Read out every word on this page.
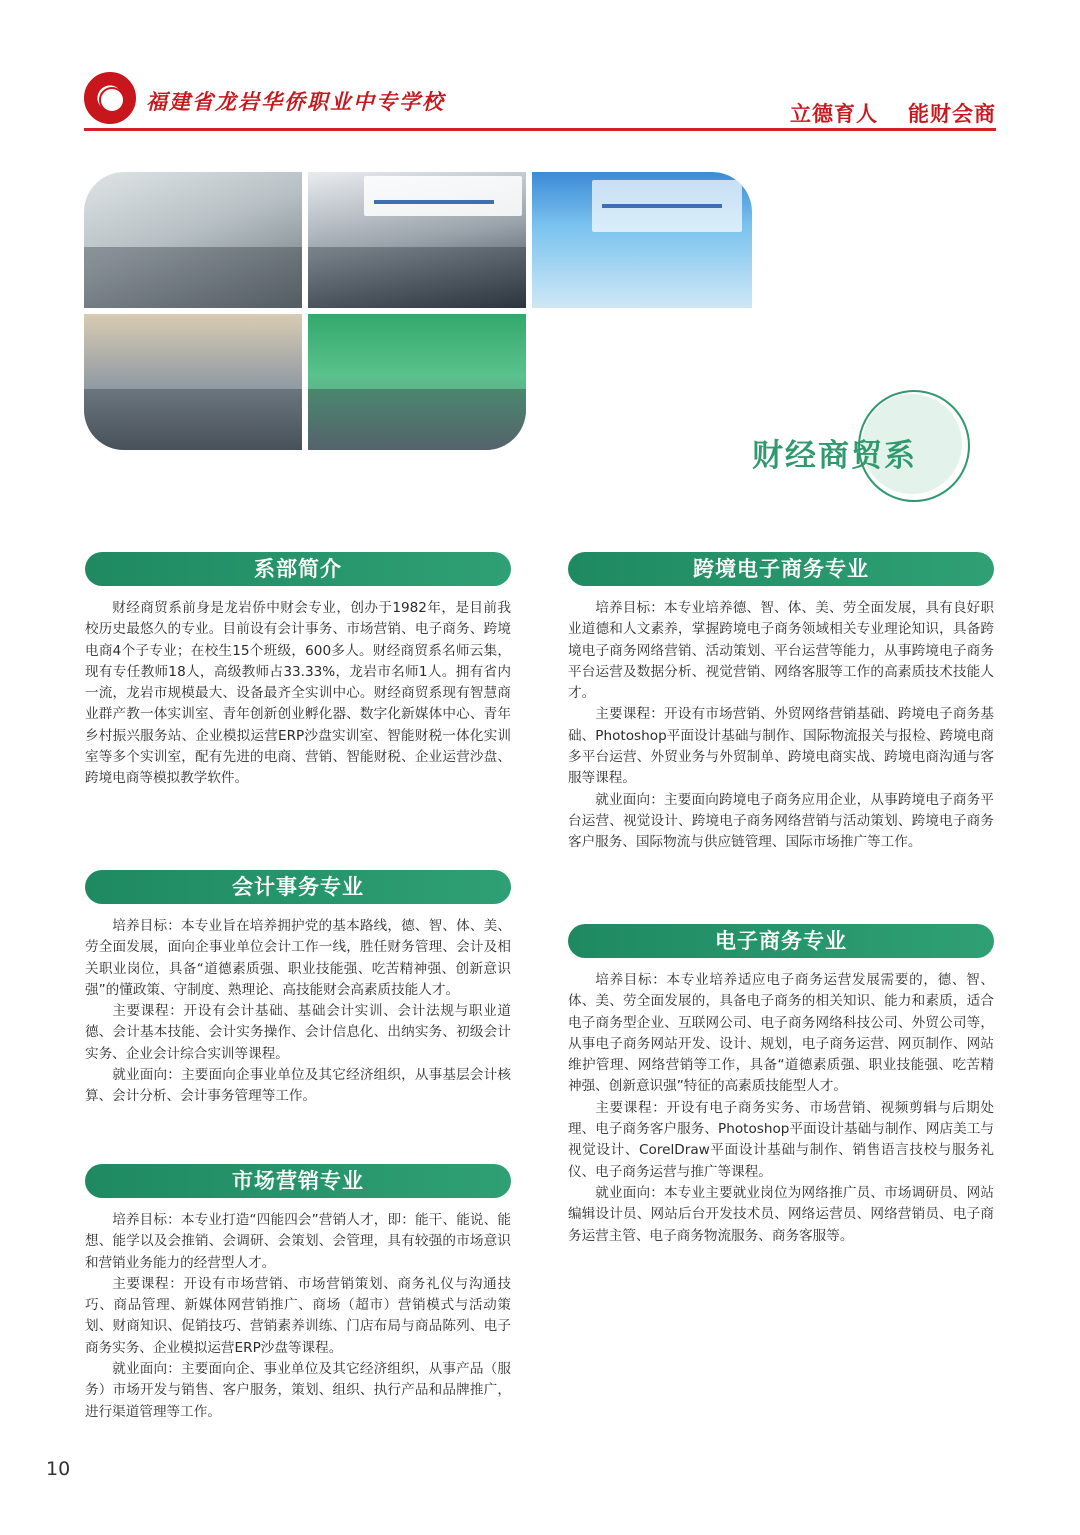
福建省龙岩华侨职业中专学校	立德育人 能财会商
财经商贸系
系部简介

财经商贸系前身是龙岩侨中财会专业，创办于1982年，是目前我校历史最悠久的专业。目前设有会计事务、市场营销、电子商务、跨境电商4个子专业；在校生15个班级，600多人。财经商贸系名师云集，现有专任教师18人，高级教师占33.33%，龙岩市名师1人。拥有省内一流，龙岩市规模最大、设备最齐全实训中心。财经商贸系现有智慧商业群产教一体实训室、青年创新创业孵化器、数字化新媒体中心、青年乡村振兴服务站、企业模拟运营ERP沙盘实训室、智能财税一体化实训室等多个实训室，配有先进的电商、营销、智能财税、企业运营沙盘、跨境电商等模拟教学软件。

会计事务专业

培养目标：本专业旨在培养拥护党的基本路线，德、智、体、美、劳全面发展，面向企事业单位会计工作一线，胜任财务管理、会计及相关职业岗位，具备“道德素质强、职业技能强、吃苦精神强、创新意识强”的懂政策、守制度、熟理论、高技能财会高素质技能人才。

主要课程：开设有会计基础、基础会计实训、会计法规与职业道德、会计基本技能、会计实务操作、会计信息化、出纳实务、初级会计实务、企业会计综合实训等课程。

就业面向：主要面向企事业单位及其它经济组织，从事基层会计核算、会计分析、会计事务管理等工作。

市场营销专业

培养目标：本专业打造“四能四会”营销人才，即：能干、能说、能想、能学以及会推销、会调研、会策划、会管理，具有较强的市场意识和营销业务能力的经营型人才。

主要课程：开设有市场营销、市场营销策划、商务礼仪与沟通技巧、商品管理、新媒体网营销推广、商场（超市）营销模式与活动策划、财商知识、促销技巧、营销素养训练、门店布局与商品陈列、电子商务实务、企业模拟运营ERP沙盘等课程。

就业面向：主要面向企、事业单位及其它经济组织，从事产品（服务）市场开发与销售、客户服务，策划、组织、执行产品和品牌推广，进行渠道管理等工作。

跨境电子商务专业

培养目标：本专业培养德、智、体、美、劳全面发展，具有良好职业道德和人文素养，掌握跨境电子商务领域相关专业理论知识，具备跨境电子商务网络营销、活动策划、平台运营等能力，从事跨境电子商务平台运营及数据分析、视觉营销、网络客服等工作的高素质技术技能人才。

主要课程：开设有市场营销、外贸网络营销基础、跨境电子商务基础、Photoshop平面设计基础与制作、国际物流报关与报检、跨境电商多平台运营、外贸业务与外贸制单、跨境电商实战、跨境电商沟通与客服等课程。

就业面向：主要面向跨境电子商务应用企业，从事跨境电子商务平台运营、视觉设计、跨境电子商务网络营销与活动策划、跨境电子商务客户服务、国际物流与供应链管理、国际市场推广等工作。

电子商务专业

培养目标：本专业培养适应电子商务运营发展需要的，德、智、体、美、劳全面发展的，具备电子商务的相关知识、能力和素质，适合电子商务型企业、互联网公司、电子商务网络科技公司、外贸公司等，从事电子商务网站开发、设计、规划，电子商务运营、网页制作、网站维护管理、网络营销等工作，具备“道德素质强、职业技能强、吃苦精神强、创新意识强”特征的高素质技能型人才。

主要课程：开设有电子商务实务、市场营销、视频剪辑与后期处理、电子商务客户服务、Photoshop平面设计基础与制作、网店美工与视觉设计、CorelDraw平面设计基础与制作、销售语言技校与服务礼仪、电子商务运营与推广等课程。

就业面向：本专业主要就业岗位为网络推广员、市场调研员、网站编辑设计员、网站后台开发技术员、网络运营员、网络营销员、电子商务运营主管、电子商务物流服务、商务客服等。

10
